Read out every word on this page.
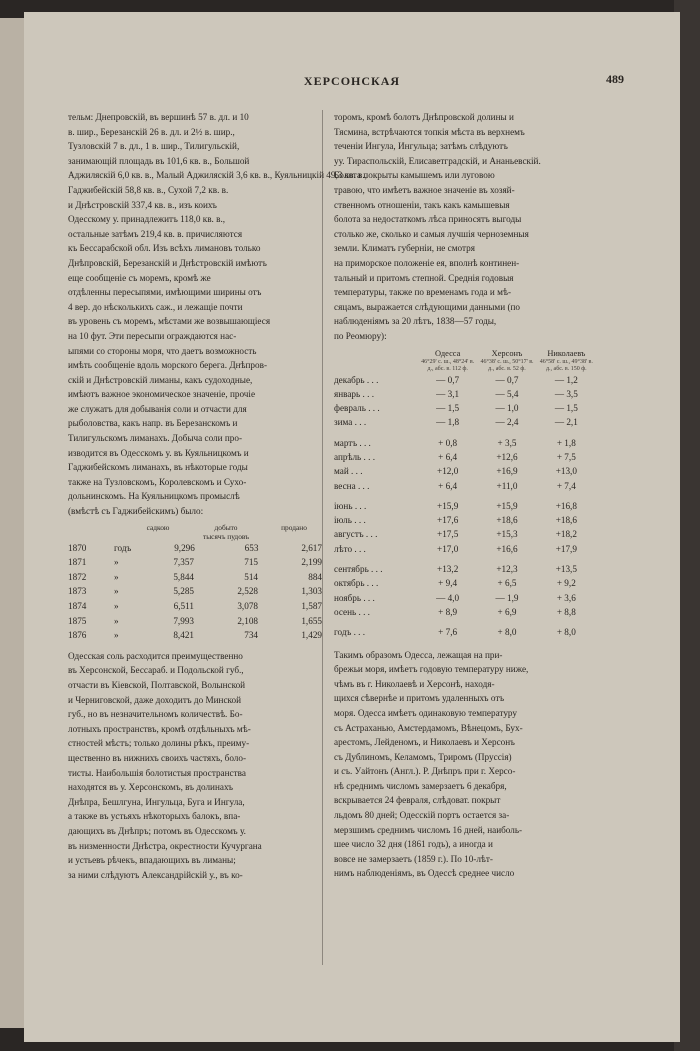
ХЕРСОНСКАЯ	489
тельм: Днепровскій, въ вершинѣ 57 в. дл. и 10
в. шир., Березанскій 26 в. дл. и 2½ в. шир.,
Тузловскій 7 в. дл., 1 в. шир., Тилигульскій,
занимающій площадь въ 101,6 кв. в., Большой
Аджиляскій 6,0 кв. в., Малый Аджиляскій 3,6 кв. в., Куяльницкій 49,3 кв. в.,
Гаджибейскій 58,8 кв. в., Сухой 7,2 кв. в.
и Днѣстровскій 337,4 кв. в., изъ коихъ
Одесскому у. принадлежитъ 118,0 кв. в.,
остальные затѣмъ 219,4 кв. в. причисляются
къ Бессарабской обл. Изъ всѣхъ лимановъ только
Днѣпровскій, Березанскій и Днѣстровскій имѣютъ
еще сообщеніе съ моремъ, кромѣ же
отдѣленны пересыпями, имѣющими ширины отъ
4 вер. до нѣсколькихъ саж., и лежащіе почти
въ уровень съ моремъ, мѣстами же возвышающіеся
на 10 фут. Эти пересыпи ограждаются нас-
ыпями со стороны моря, что даетъ возможность
имѣть сообщеніе вдоль морского берега. Днѣпров-
скій и Днѣстровскій лиманы, какъ судоходные,
имѣютъ важное экономическое значеніе, прочіе
же служатъ для добыванія соли и отчасти для
рыболовства, какъ напр. въ Березанскомъ и
Тилигульскомъ лиманахъ. Добыча соли про-
изводится въ Одесскомъ у. въ Куяльницкомъ и
Гаджибейскомъ лиманахъ, въ нѣкоторые годы
также на Тузловскомъ, Королевскомъ и Сухо-
дольнинскомъ. На Куяльницкомъ промыслѣ
(вмѣстѣ съ Гаджибейскимъ) было:
садкою	добыто	продано
тысячъ пудовъ
1870	годъ	9,296	653	2,617
1871	»	7,357	715	2,199
1872	»	5,844	514	884
1873	»	5,285	2,528	1,303
1874	»	6,511	3,078	1,587
1875	»	7,993	2,108	1,655
1876	»	8,421	734	1,429
Одесская соль расходится преимущественно
въ Херсонской, Бессараб. и Подольской губ.,
отчасти въ Кіевской, Полтавской, Волынской
и Черниговской, даже доходитъ до Минской
губ., но въ незначительномъ количествѣ. Бо-
лотныхъ пространствъ, кромѣ отдѣльныхъ мѣ-
стностей мѣстъ; только долины рѣкъ, преиму-
щественно въ нижнихъ своихъ частяхъ, боло-
тисты. Наибольшія болотистыя пространства
находятся въ у. Херсонскомъ, въ долинахъ
Днѣпра, Бешлгуна, Ингульца, Буга и Ингула,
а также въ устьяхъ нѣкоторыхъ балокъ, впа-
дающихъ въ Днѣпръ; потомъ въ Одесскомъ у.
въ низменности Днѣстра, окрестности Кучургана
и устьевъ рѣчекъ, впадающихъ въ лиманы;
за ними слѣдуютъ Александрійскій у., въ ко-
торомъ, кромѣ болотъ Днѣпровской долины и
Тясмина, встрѣчаются топкія мѣста въ верхнемъ
теченіи Ингула, Ингульца; затѣмъ слѣдуютъ
уу. Тираспольскій, Елисаветградскій, и Ананьевскій.
Болота покрыты камышемъ или луговою
травою, что имѣетъ важное значеніе въ хозяй-
ственномъ отношеніи, такъ какъ камышевыя
болота за недостаткомъ лѣса приносятъ выгоды
столько же, сколько и самыя лучшія черноземныя
земли. Климатъ губерніи, не смотря
на приморское положеніе ея, вполнѣ континен-
тальный и притомъ степной. Среднія годовыя
температуры, также по временамъ года и мѣ-
сяцамъ, выражается слѣдующими данными (по
наблюденіямъ за 20 лѣтъ, 1838—57 годы,
по Реомюру):
Одесса
46°29' с. ш., 48°24' в. д., абс. в. 112 ф.
Херсонъ
46°38' с. ш., 50°17' в. д., абс. в. 52 ф.
Николаевъ
46°58' с. ш., 49°38' в. д., абс. в. 150 ф.
декабрь . . .	— 0,7	— 0,7	— 1,2
январь . . .	— 3,1	— 5,4	— 3,5
февраль . . .	— 1,5	— 1,0	— 1,5
зима . . .	— 1,8	— 2,4	— 2,1
мартъ . . .	+ 0,8	+ 3,5	+ 1,8
апрѣль . . .	+ 6,4	+12,6	+ 7,5
май . . .	+12,0	+16,9	+13,0
весна . . .	+ 6,4	+11,0	+ 7,4
іюнь . . .	+15,9	+15,9	+16,8
іюль . . .	+17,6	+18,6	+18,6
августъ . . .	+17,5	+15,3	+18,2
лѣто . . .	+17,0	+16,6	+17,9
сентябрь . . .	+13,2	+12,3	+13,5
октябрь . . .	+ 9,4	+ 6,5	+ 9,2
ноябрь . . .	— 4,0	— 1,9	+ 3,6
осень . . .	+ 8,9	+ 6,9	+ 8,8
годъ . . .	+ 7,6	+ 8,0	+ 8,0
Такимъ образомъ Одесса, лежащая на при-
брежьи моря, имѣетъ годовую температуру ниже,
чѣмъ въ г. Николаевѣ и Херсонѣ, находя-
щихся сѣвернѣе и притомъ удаленныхъ отъ
моря. Одесса имѣетъ одинаковую температуру
съ Астраханью, Амстердамомъ, Вѣнецомъ, Бух-
арестомъ, Лейденомъ, и Николаевъ и Херсонъ
съ Дублиномъ, Келамомъ, Триромъ (Пруссія)
и съ. Уайтонъ (Англ.). Р. Днѣпръ при г. Херсо-
нѣ среднимъ числомъ замерзаетъ 6 декабря,
вскрывается 24 февраля, слѣдоват. покрыт
льдомъ 80 дней; Одесскій портъ остается за-
мерзшимъ среднимъ числомъ 16 дней, наиболь-
шее число 32 дня (1861 годъ), а иногда и
вовсе не замерзаетъ (1859 г.). По 10-лѣт-
нимъ наблюденіямъ, въ Одессѣ среднее число
